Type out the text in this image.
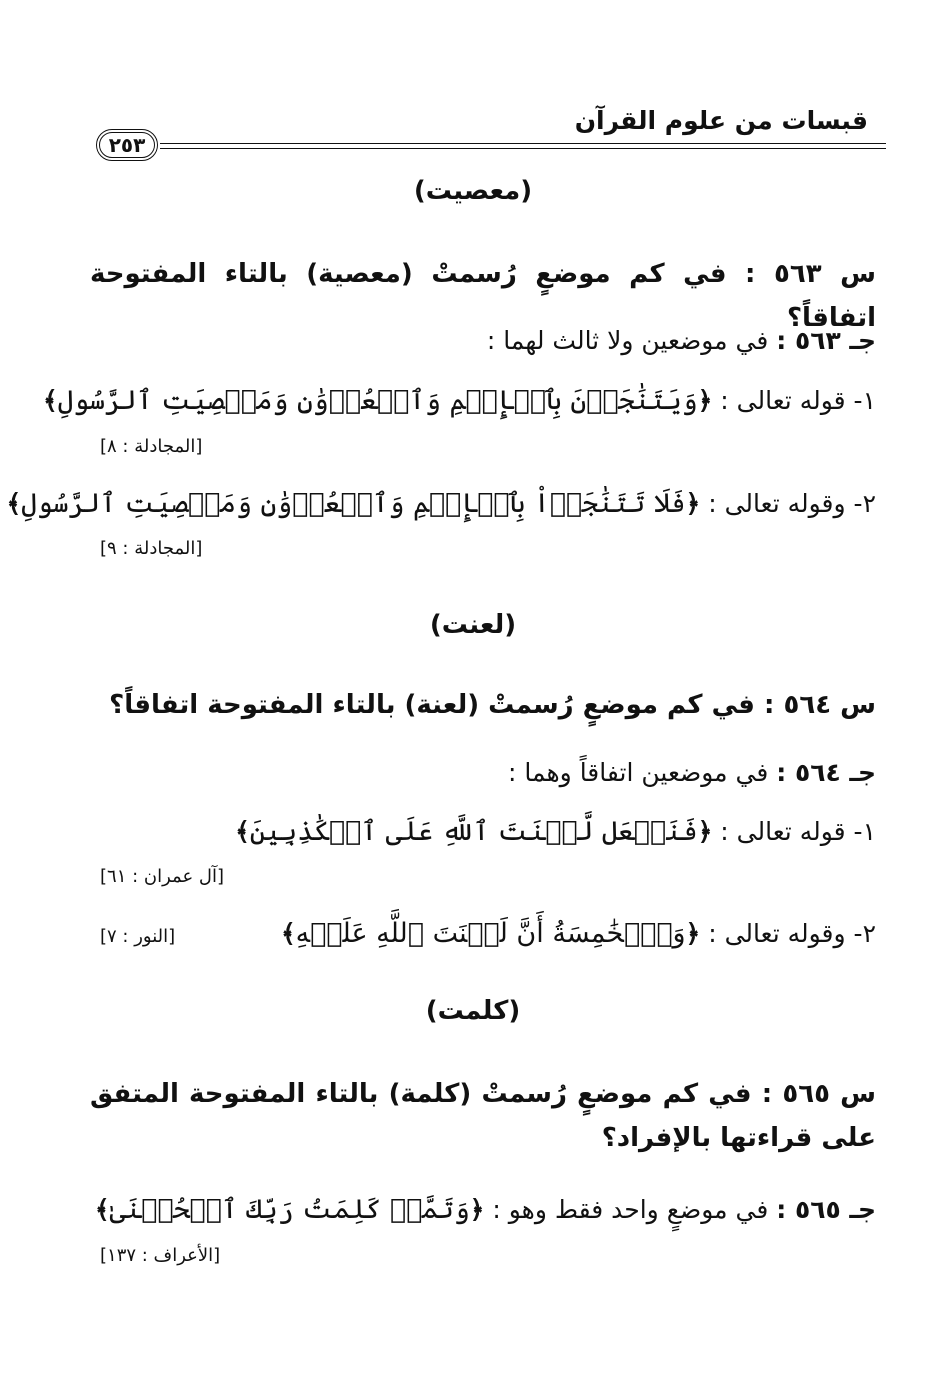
قبسات من علوم القرآن
٢٥٣
(معصيت)
س ٥٦٣ : في كم موضعٍ رُسمتْ (معصية) بالتاء المفتوحة اتفاقاً؟
جـ ٥٦٣ : في موضعين ولا ثالث لهما :
١- قوله تعالى : ﴿وَيَتَنَٰجَوۡنَ بِٱلۡإِثۡمِ وَٱلۡعُدۡوَٰنِ وَمَعۡصِيَتِ ٱلرَّسُولِ﴾
[المجادلة : ٨]
٢- وقوله تعالى : ﴿فَلَا تَتَنَٰجَوۡاْ بِٱلۡإِثۡمِ وَٱلۡعُدۡوَٰنِ وَمَعۡصِيَتِ ٱلرَّسُولِ﴾
[المجادلة : ٩]
(لعنت)
س ٥٦٤ : في كم موضعٍ رُسمتْ (لعنة) بالتاء المفتوحة اتفاقاً؟
جـ ٥٦٤ : في موضعين اتفاقاً وهما :
١- قوله تعالى : ﴿فَنَجۡعَل لَّعۡنَتَ ٱللَّهِ عَلَى ٱلۡكَٰذِبِينَ﴾
[آل عمران : ٦١]
٢- وقوله تعالى : ﴿وَٱلۡخَٰمِسَةُ أَنَّ لَعۡنَتَ ٱللَّهِ عَلَيۡهِ﴾
[النور : ٧]
(كلمت)
س ٥٦٥ : في كم موضعٍ رُسمتْ (كلمة) بالتاء المفتوحة المتفق على قراءتها بالإفراد؟
جـ ٥٦٥ : في موضعٍ واحد فقط وهو : ﴿وَتَمَّتۡ كَلِمَتُ رَبِّكَ ٱلۡحُسۡنَىٰ﴾
[الأعراف : ١٣٧]
